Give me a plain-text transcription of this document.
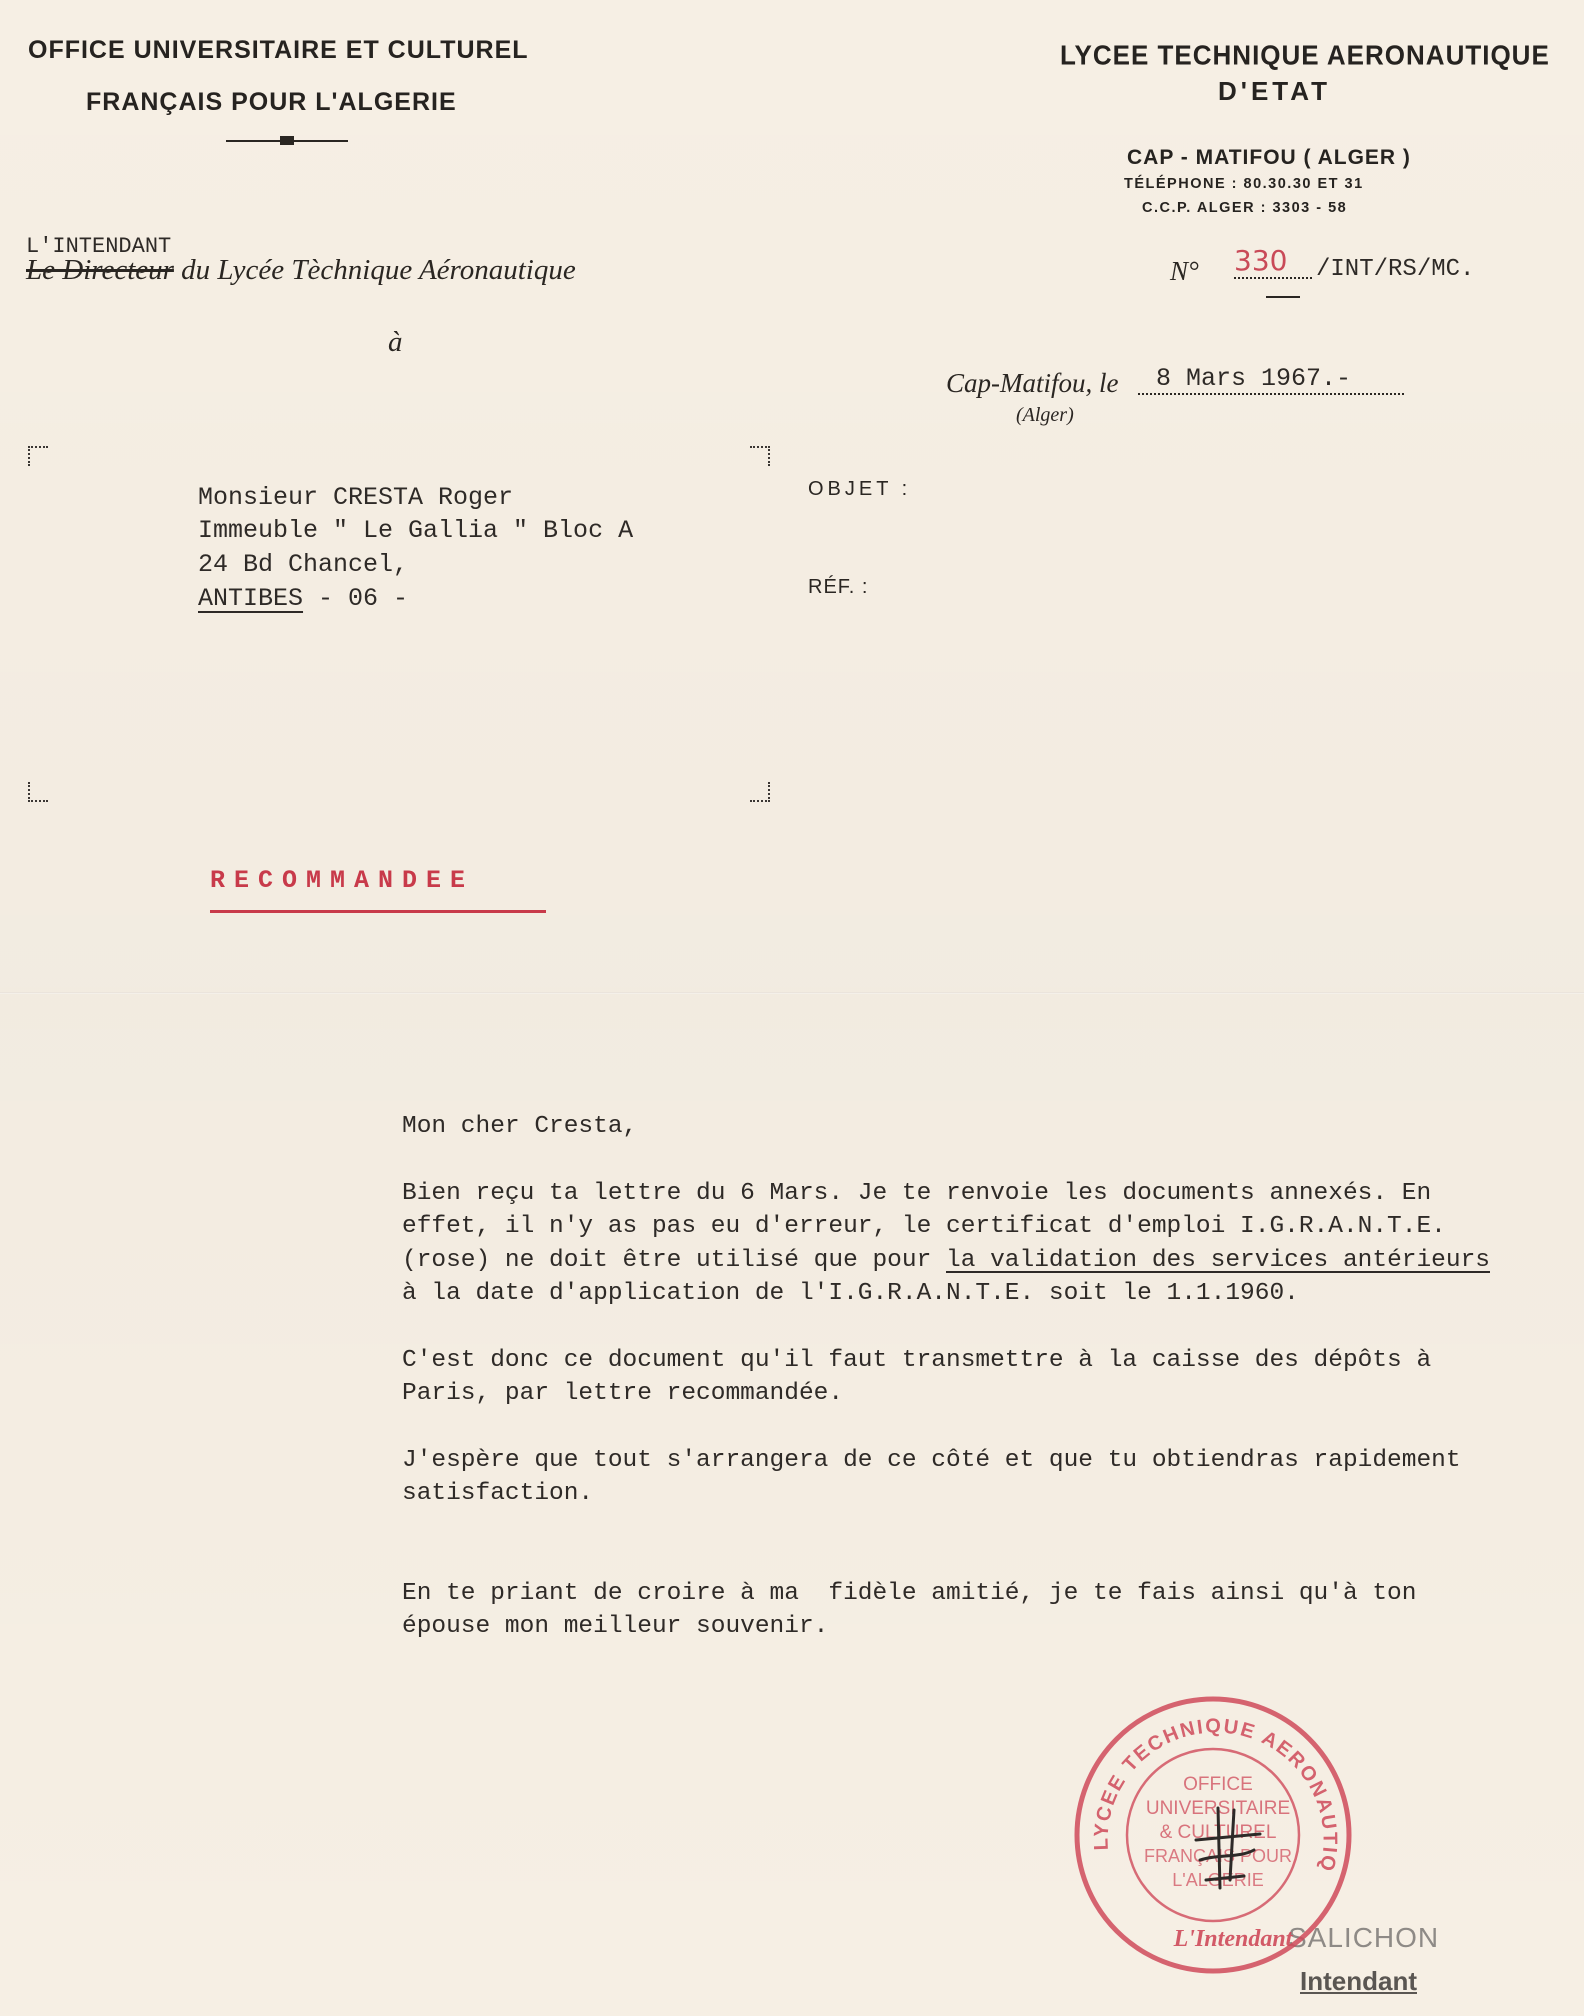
OFFICE UNIVERSITAIRE ET CULTUREL
FRANÇAIS POUR L'ALGERIE
LYCEE TECHNIQUE AERONAUTIQUE
D'ETAT
CAP - MATIFOU ( ALGER )
TÉLÉPHONE : 80.30.30 ET 31
C.C.P. ALGER : 3303 - 58
N° 330 /INT/RS/MC.
L'INTENDANT
Le Directeur du Lycée Tèchnique Aéronautique
à
Cap-Matifou, le 8 Mars 1967.-
(Alger)
Monsieur CRESTA Roger
Immeuble " Le Gallia " Bloc A
24 Bd Chancel,
ANTIBES - 06 -
OBJET :
RÉF. :
RECOMMANDEE

Mon cher Cresta,

Bien reçu ta lettre du 6 Mars. Je te renvoie les documents annexés. En
effet, il n'y as pas eu d'erreur, le certificat d'emploi I.G.R.A.N.T.E.
(rose) ne doit être utilisé que pour la validation des services antérieurs
à la date d'application de l'I.G.R.A.N.T.E. soit le 1.1.1960.

C'est donc ce document qu'il faut transmettre à la caisse des dépôts à
Paris, par lettre recommandée.

J'espère que tout s'arrangera de ce côté et que tu obtiendras rapidement
satisfaction.

En te priant de croire à ma  fidèle amitié, je te fais ainsi qu'à ton
épouse mon meilleur souvenir.

SALICHON
Intendant
LYCEE TECHNIQUE AERONAUTIQ
OFFICE
UNIVERSITAIRE
& CULTUREL
FRANÇAIS POUR
L'ALGERIE
L'Intendant
